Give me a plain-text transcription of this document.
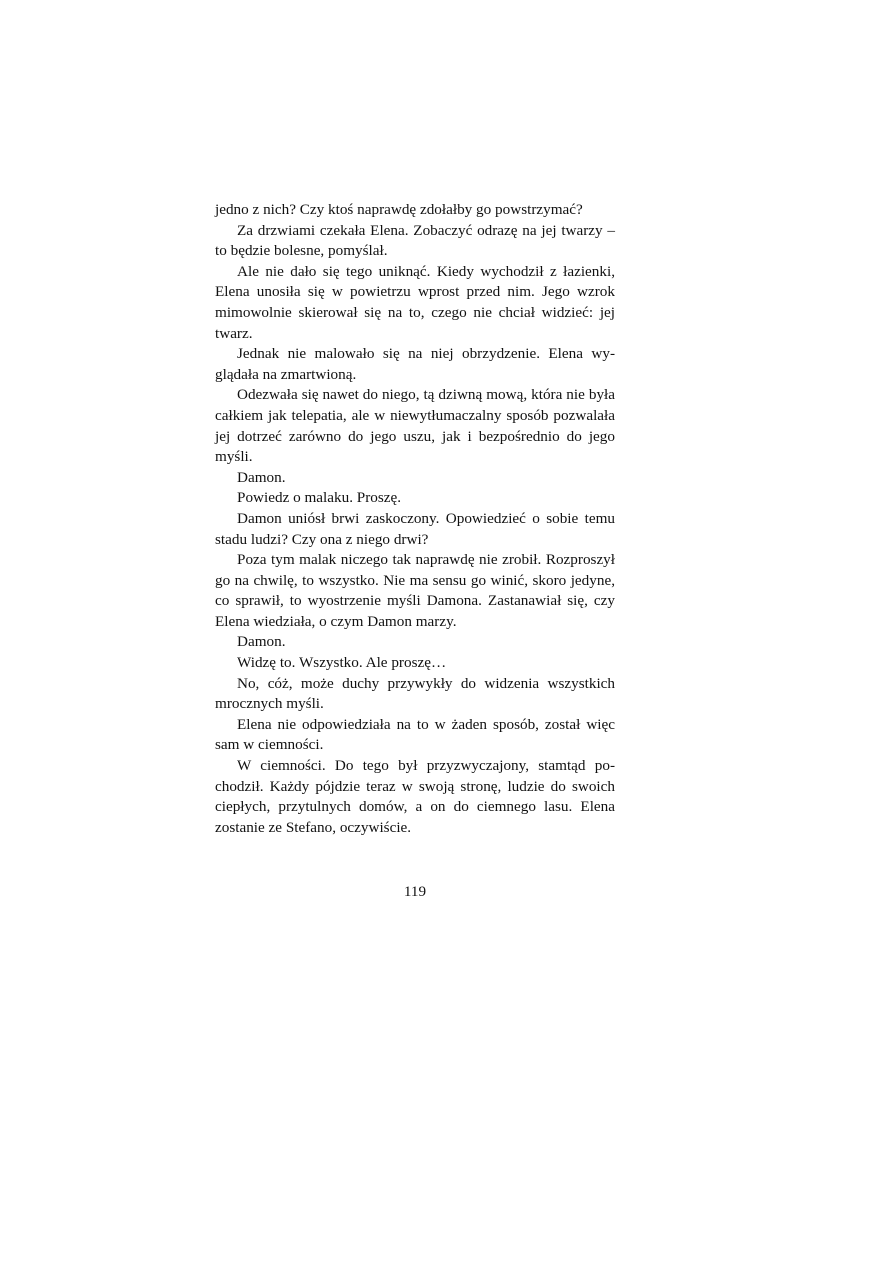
jedno z nich? Czy ktoś naprawdę zdołałby go powstrzymać?

Za drzwiami czekała Elena. Zobaczyć odrazę na jej twarzy – to będzie bolesne, pomyślał.

Ale nie dało się tego uniknąć. Kiedy wychodził z łazienki, Elena unosiła się w powietrzu wprost przed nim. Jego wzrok mimowolnie skierował się na to, czego nie chciał widzieć: jej twarz.

Jednak nie malowało się na niej obrzydzenie. Elena wyglądała na zmartwioną.

Odezwała się nawet do niego, tą dziwną mową, która nie była całkiem jak telepatia, ale w niewytłumaczalny sposób pozwalała jej dotrzeć zarówno do jego uszu, jak i bezpośrednio do jego myśli.

Damon.

Powiedz o malaku. Proszę.

Damon uniósł brwi zaskoczony. Opowiedzieć o sobie temu stadu ludzi? Czy ona z niego drwi?

Poza tym malak niczego tak naprawdę nie zrobił. Rozproszył go na chwilę, to wszystko. Nie ma sensu go winić, skoro jedyne, co sprawił, to wyostrzenie myśli Damona. Zastanawiał się, czy Elena wiedziała, o czym Damon marzy.

Damon.

Widzę to. Wszystko. Ale proszę…

No, cóż, może duchy przywykły do widzenia wszystkich mrocznych myśli.

Elena nie odpowiedziała na to w żaden sposób, został więc sam w ciemności.

W ciemności. Do tego był przyzwyczajony, stamtąd pochodził. Każdy pójdzie teraz w swoją stronę, ludzie do swoich ciepłych, przytulnych domów, a on do ciemnego lasu. Elena zostanie ze Stefano, oczywiście.

119
